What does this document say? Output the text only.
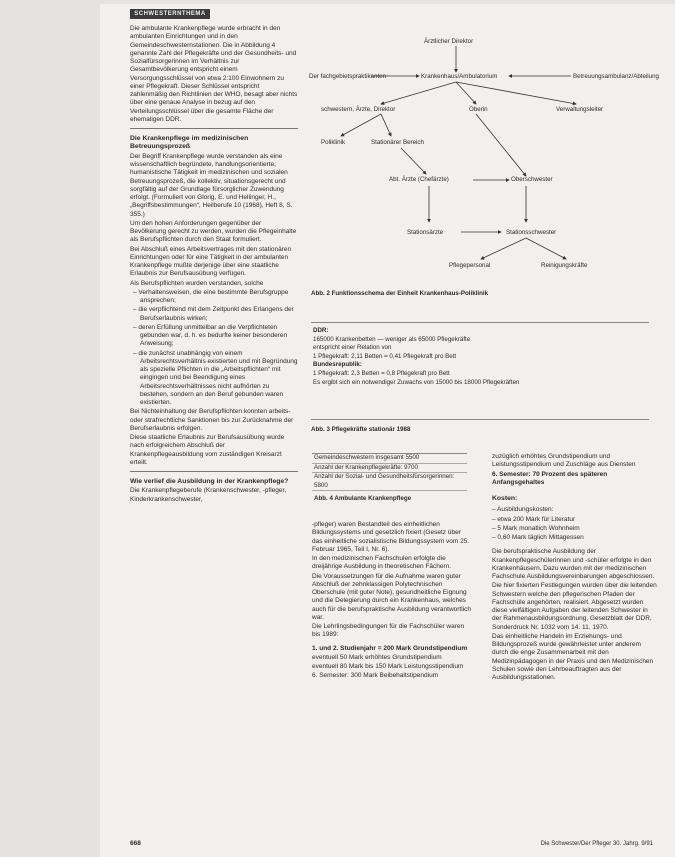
SCHWESTERNTHEMA

Die ambulante Krankenpflege wurde erbracht in den ambulanten Einrichtungen und in den Gemeindeschwesternstationen. Die in Abbildung 4 genannte Zahl der Pflegekräfte und der Gesundheits- und Sozialfürsorgerinnen im Verhältnis zur Gesamtbevölkerung entspricht einem Versorgungsschlüssel von etwa 2:100 Einwohnern zu einer Pflegekraft. Dieser Schlüssel entspricht zahlenmäßig den Richtlinien der WHO, besagt aber nichts über eine genaue Analyse in bezug auf den Verteilungsschlüssel über die gesamte Fläche der ehemaligen DDR.

Die Krankenpflege im medizinischen Betreuungsprozeß

Der Begriff Krankenpflege wurde verstanden als eine wissenschaftlich begründete, handlungsorientierte, humanistische Tätigkeit im medizinischen und sozialen Betreuungsprozeß, die kollektiv, situationsgerecht und sorgfältig auf der Grundlage fürsorglicher Zuwendung erfolgt. (Formuliert von Glorig, E. und Hellinger, H., „Begriffsbestimmungen“, Heilberufe 10 (1968), Heft 8, S. 355.)

Um den hohen Anforderungen gegenüber der Bevölkerung gerecht zu werden, wurden die Pflegeinhalte als Berufspflichten durch den Staat formuliert.

Bei Abschluß eines Arbeitsvertrages mit den stationären Einrichtungen oder für eine Tätigkeit in der ambulanten Krankenpflege mußte derjenige über eine staatliche Erlaubnis zur Berufsausübung verfügen.

Als Berufspflichten wurden verstanden, solche

– Verhaltensweisen, die eine bestimmte Berufsgruppe ansprechen;

– die verpflichtend mit dem Zeitpunkt des Erlangens der Berufserlaubnis wirken;

– deren Erfüllung unmittelbar an die Verpflichteten gebunden war, d. h. es bedurfte keiner besonderen Anweisung;

– die zunächst unabhängig von einem Arbeitsrechtsverhältnis existierten und mit Begründung als spezielle Pflichten in die „Arbeitspflichten“ mit eingingen und bei Beendigung eines Arbeitsrechtsverhältnisses nicht aufhörten zu bestehen, sondern an den Beruf gebunden waren existierten.

Bei Nichteinhaltung der Berufspflichten konnten arbeits- oder strafrechtliche Sanktionen bis zur Zurücknahme der Berufserlaubnis erfolgen.

Diese staatliche Erlaubnis zur Berufsausübung wurde nach erfolgreichem Abschluß der Krankenpflegeausbildung vom zuständigen Kreisarzt erteilt.

Wie verlief die Ausbildung in der Krankenpflege?

Die Krankenpflegeberufe (Krankenschwester, -pfleger, Kinderkrankenschwester,

Ärztlicher Direktor
Der fachgebietspraktikanten	Krankenhaus/Ambulatorium	Betreuungsambulanz/Abteilung
schwestern, Ärzte, Direktor	Oberin	Verwaltungsleiter
Poliklinik	Stationärer Bereich
Abt. Ärzte (Chefärzte)	Oberschwester
Stationsärzte	Stationsschwester
Pflegepersonal	Reinigungskräfte
Abb. 2 Funktionsschema der Einheit Krankenhaus-Poliklinik
DDR:
165000 Krankenbetten — weniger als 65000 Pflegekräfte
entspricht einer Relation von
1 Pflegekraft: 2,11 Betten = 0,41 Pflegekraft pro Bett
Bundesrepublik:
1 Pflegekraft: 2,3 Betten = 0,8 Pflegekraft pro Bett
Es ergibt sich ein notwendiger Zuwachs von 15000 bis 18000 Pflegekräften
Abb. 3 Pflegekräfte stationär 1988
Gemeindeschwestern insgesamt 5500
Anzahl der Krankenpflegekräfte: 9700
Anzahl der Sozial- und Gesundheitsfürsorgerinnen: 5800
Abb. 4 Ambulante Krankenpflege

-pfleger) waren Bestandteil des einheitlichen Bildungssystems und gesetzlich fixiert (Gesetz über das einheitliche sozialistische Bildungssystem vom 25. Februar 1965, Teil I, Nr. 6).

In den medizinischen Fachschulen erfolgte die dreijährige Ausbildung in theoretischen Fächern.

Die Voraussetzungen für die Aufnahme waren guter Abschluß der zehnklassigen Polytechnischen Oberschule (mit guter Note), gesundheitliche Eignung und die Delegierung durch ein Krankenhaus, welches auch für die berufspraktische Ausbildung verantwortlich war.

Die Lehrlingsbedingungen für die Fachschüler waren bis 1989:

1. und 2. Studienjahr = 200 Mark Grundstipendium

eventuell 50 Mark erhöhtes Grundstipendium

eventuell 80 Mark bis 150 Mark Leistungsstipendium

6. Semester: 300 Mark Beibehaltstipendium

zuzüglich erhöhtes Grundstipendium und Leistungsstipendium und Zuschläge aus Diensten

6. Semester: 70 Prozent des späteren Anfangsgehaltes

Kosten:

– Ausbildungskosten:

– etwa 200 Mark für Literatur

– 5 Mark monatlich Wohnheim

– 0,60 Mark täglich Mittagessen

Die berufspraktische Ausbildung der Krankenpflegeschülerinnen und -schüler erfolgte in den Krankenhäusern. Dazu wurden mit der medizinischen Fachschule Ausbildungsvereinbarungen abgeschlossen.

Die hier fixierten Festlegungen wurden über die leitenden Schwestern welche den pflegerischen Pfaden der Fachschüle angehörten, realisiert. Abgesetzt wurden diese vielfältigen Aufgaben der leitenden Schwester in der Rahmenausbildungsordnung, Gesetzblatt der DDR, Sonderdruck Nr. 1032 vom 14. 11. 1970.

Das einheitliche Handeln im Erziehungs- und Bildungsprozeß wurde gewährleistet unter anderem durch die enge Zusammenarbeit mit den Medizinpädagogen in der Praxis und den Medizinischen Schulen sowie den Lehrbeauftragten aus der Ausbildungsstationen.

668	Die Schwester/Der Pfleger 30. Jahrg. 9/91
